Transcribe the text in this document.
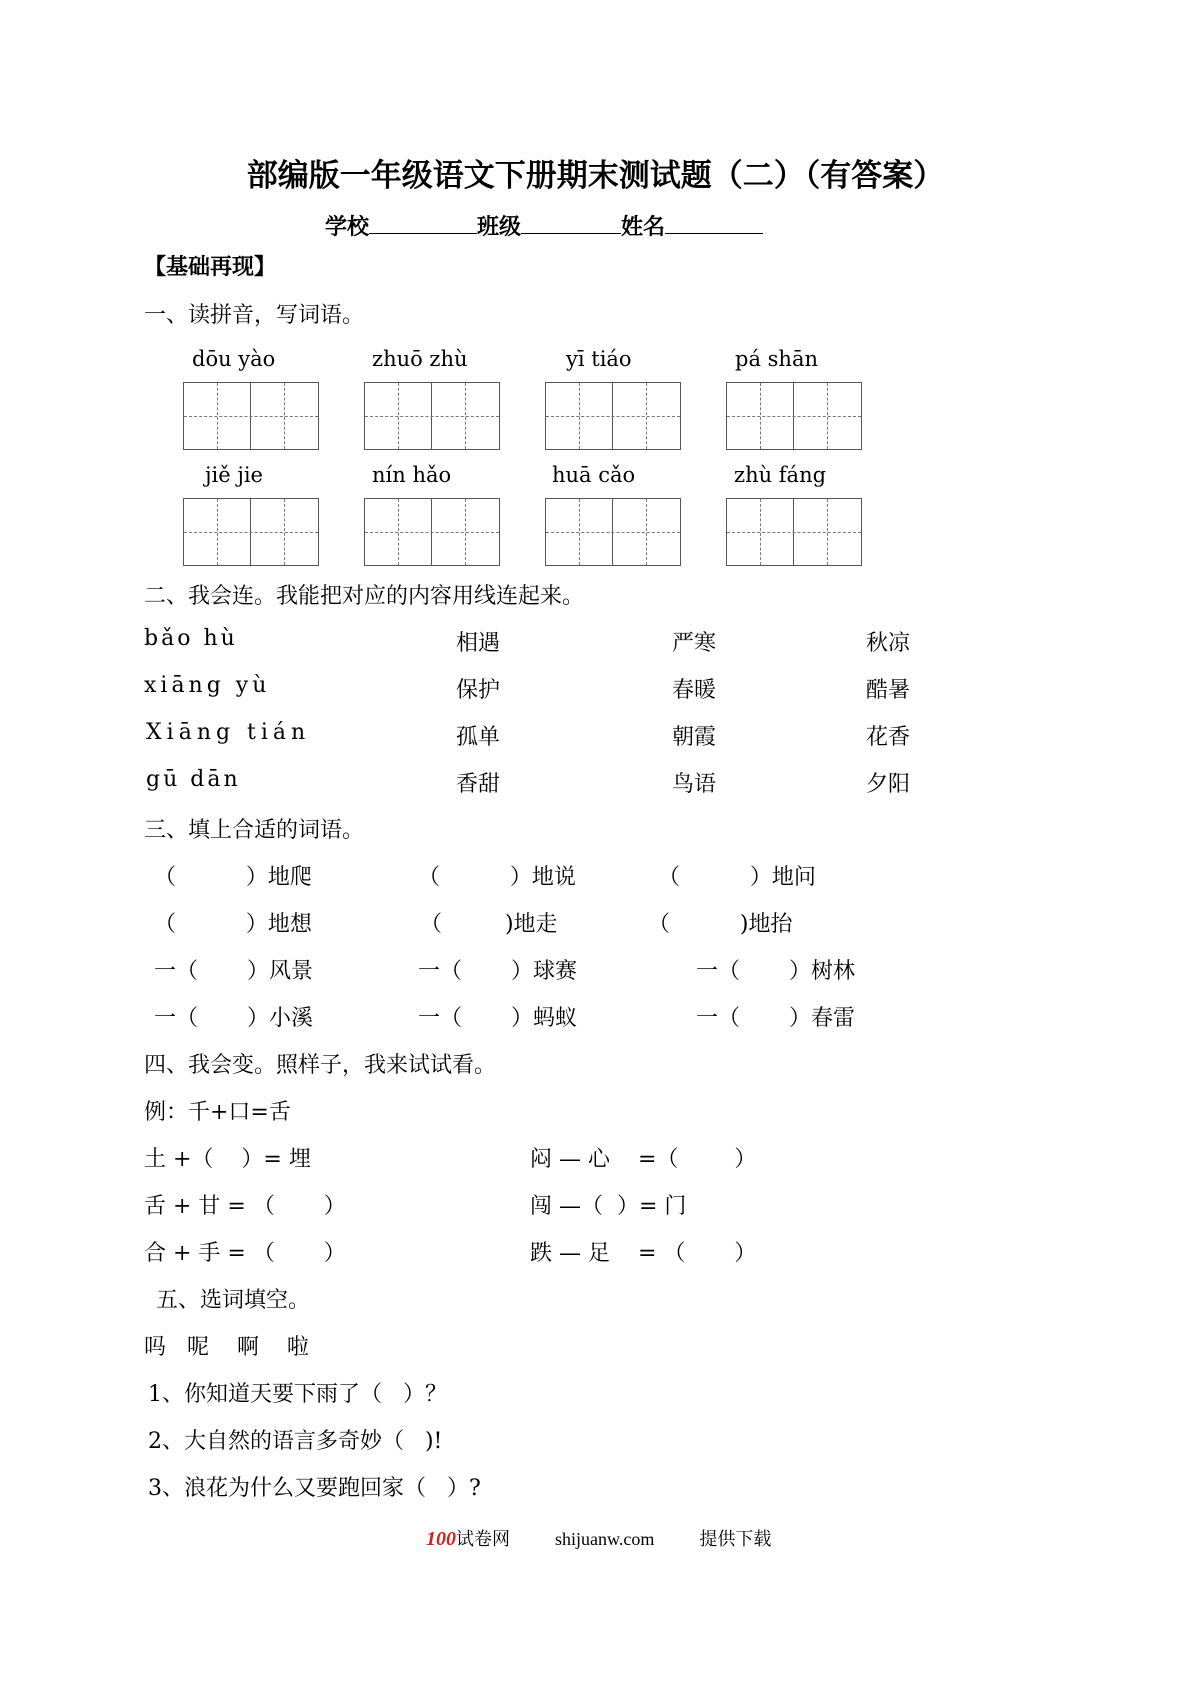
部编版一年级语文下册期末测试题（二）（有答案）
学校	班级	姓名
【基础再现】
一、读拼音，写词语。
dōu yào	zhuō zhù	yī tiáo	pá shān
jiě jie	nín hǎo	huā cǎo	zhù fáng
二、我会连。我能把对应的内容用线连起来。
bǎo hù	相遇	严寒	秋凉
xiāng yù	保护	春暖	酷暑
Xiāng tián	孤单	朝霞	花香
gū dān	香甜	鸟语	夕阳
三、填上合适的词语。
（          ）地爬	（          ）地说	（          ）地问
（          ）地想	（         )地走	（          )地抬
一（       ）风景	一（       ）球赛	一（       ）树林
一（       ）小溪	一（       ）蚂蚁	一（       ）春雷
四、我会变。照样子，我来试试看。
例：千+口=舌
土 +（    ）= 埋	闷 — 心    =（        ）
舌 + 甘 = （       ）	闯 —（  ）= 门
合 + 手 = （       ）	跌 — 足    = （       ）
五、选词填空。
吗   呢    啊    啦
1、你知道天要下雨了（   ）？
2、大自然的语言多奇妙（   )!
3、浪花为什么又要跑回家（   ）?
100试卷网	shijuanw.com	提供下载
